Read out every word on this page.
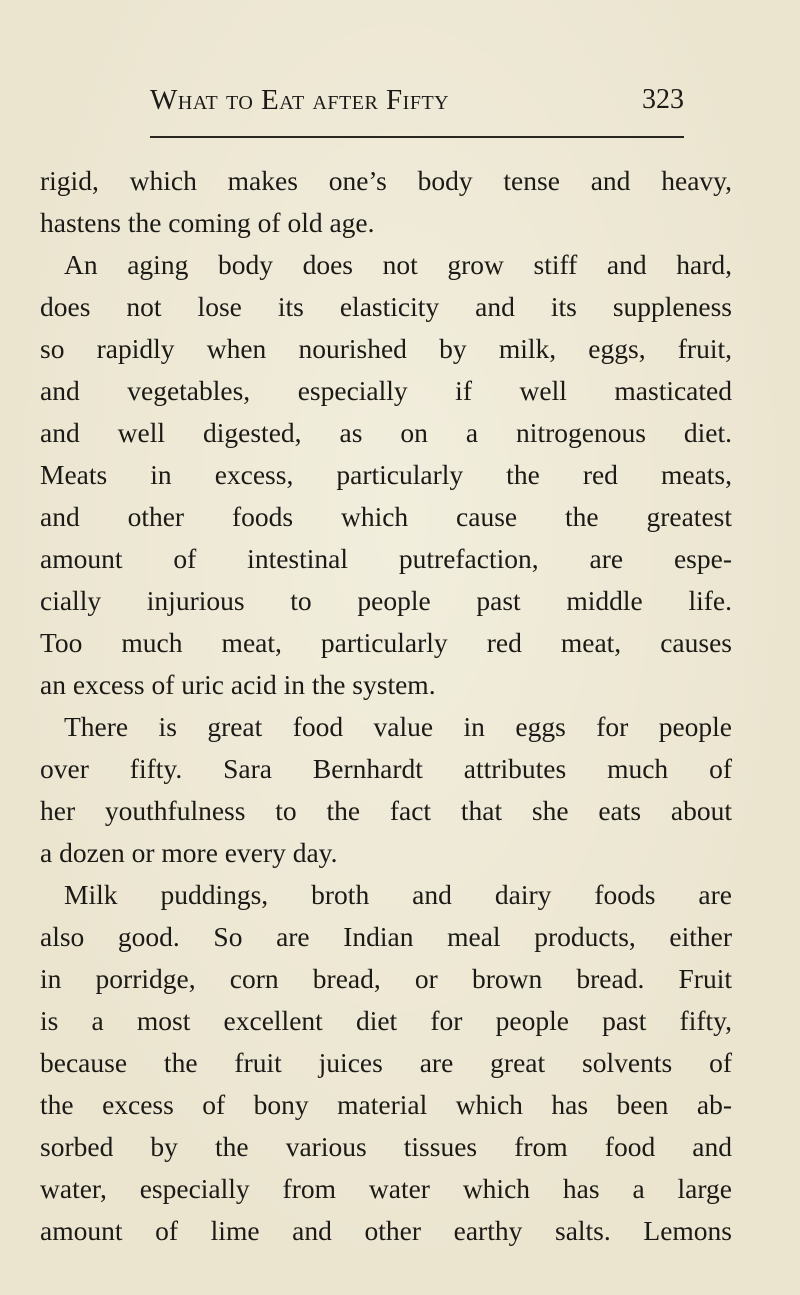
What to Eat after Fifty	323
rigid, which makes one’s body tense and heavy,
hastens the coming of old age.
An aging body does not grow stiff and hard,
does not lose its elasticity and its suppleness
so rapidly when nourished by milk, eggs, fruit,
and vegetables, especially if well masticated
and well digested, as on a nitrogenous diet.
Meats in excess, particularly the red meats,
and other foods which cause the greatest
amount of intestinal putrefaction, are espe-
cially injurious to people past middle life.
Too much meat, particularly red meat, causes
an excess of uric acid in the system.
There is great food value in eggs for people
over fifty. Sara Bernhardt attributes much of
her youthfulness to the fact that she eats about
a dozen or more every day.
Milk puddings, broth and dairy foods are
also good. So are Indian meal products, either
in porridge, corn bread, or brown bread. Fruit
is a most excellent diet for people past fifty,
because the fruit juices are great solvents of
the excess of bony material which has been ab-
sorbed by the various tissues from food and
water, especially from water which has a large
amount of lime and other earthy salts. Lemons
